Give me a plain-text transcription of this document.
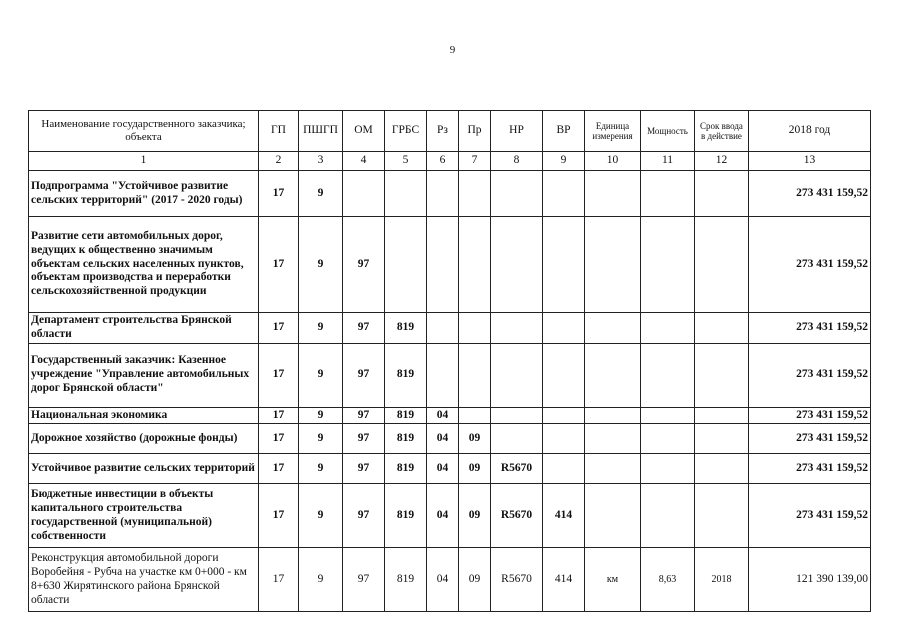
9
Наименование государственного заказчика; объекта	ГП	ПШГП	ОМ	ГРБС	Рз	Пр	НР	ВР	Единица измерения	Мощность	Срок ввода в действие	2018 год
1	2	3	4	5	6	7	8	9	10	11	12	13
Подпрограмма "Устойчивое развитие сельских территорий" (2017 - 2020 годы)	17	9										273 431 159,52
Развитие сети автомобильных дорог, ведущих к общественно значимым объектам сельских населенных пунктов, объектам производства и переработки сельскохозяйственной продукции	17	9	97									273 431 159,52
Департамент строительства Брянской области	17	9	97	819								273 431 159,52
Государственный заказчик: Казенное учреждение "Управление автомобильных дорог Брянской области"	17	9	97	819								273 431 159,52
Национальная экономика	17	9	97	819	04							273 431 159,52
Дорожное хозяйство (дорожные фонды)	17	9	97	819	04	09						273 431 159,52
Устойчивое развитие сельских территорий	17	9	97	819	04	09	R5670					273 431 159,52
Бюджетные инвестиции в объекты капитального строительства государственной (муниципальной) собственности	17	9	97	819	04	09	R5670	414				273 431 159,52
Реконструкция автомобильной дороги Воробейня - Рубча на участке км 0+000 - км 8+630 Жирятинского района Брянской области	17	9	97	819	04	09	R5670	414	км	8,63	2018	121 390 139,00
